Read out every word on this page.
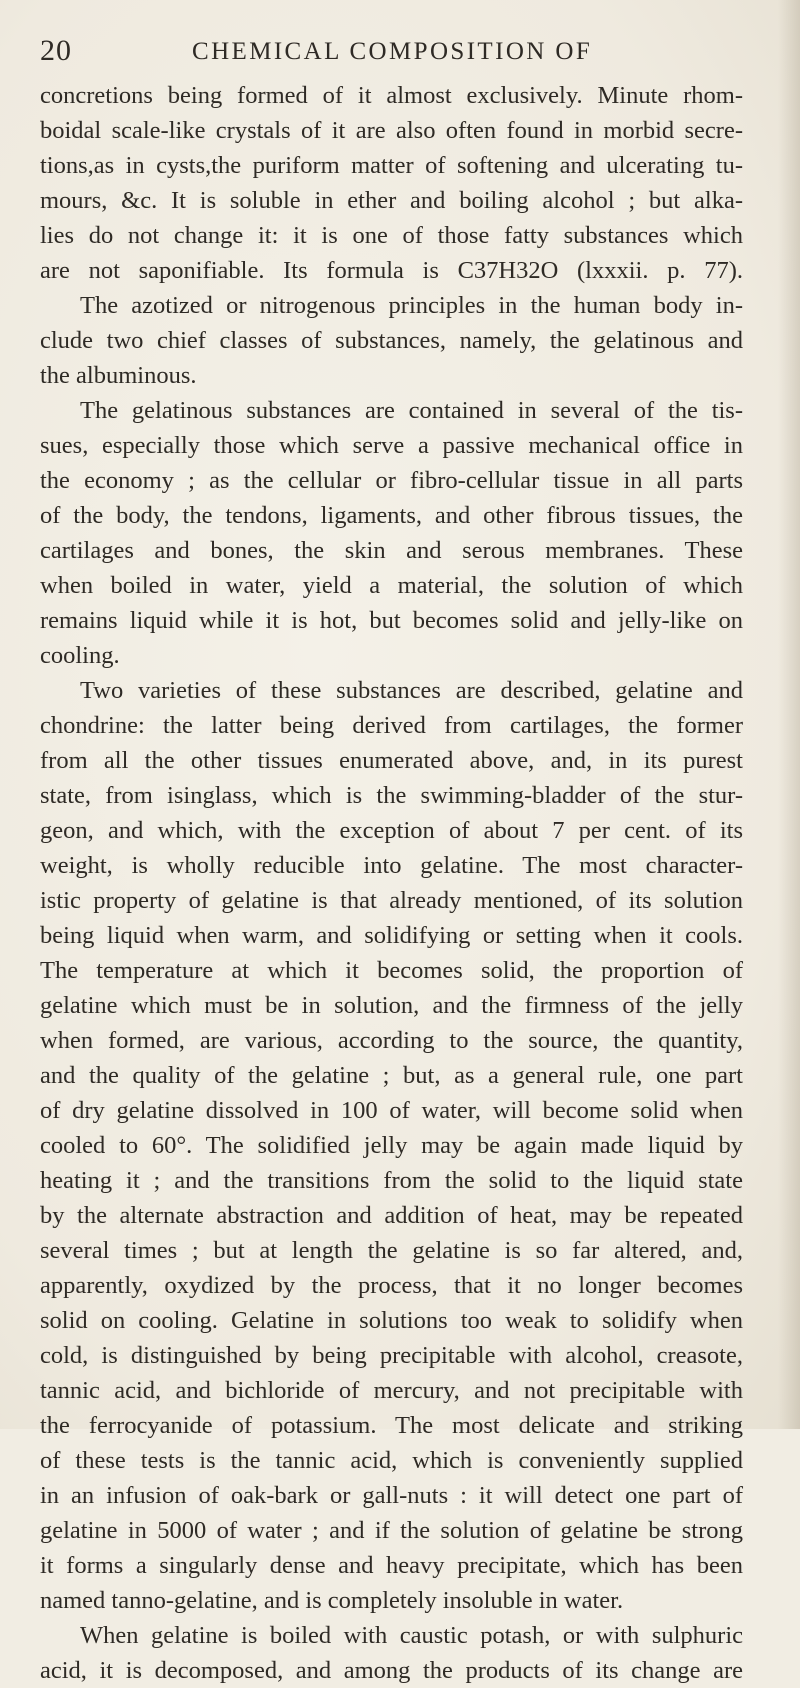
20	CHEMICAL COMPOSITION OF
concretions being formed of it almost exclusively. Minute rhom-
boidal scale-like crystals of it are also often found in morbid secre-
tions,as in cysts,the puriform matter of softening and ulcerating tu-
mours, &c. It is soluble in ether and boiling alcohol ; but alka-
lies do not change it: it is one of those fatty substances which
are not saponifiable. Its formula is C37H32O (lxxxii. p. 77).
The azotized or nitrogenous principles in the human body in-
clude two chief classes of substances, namely, the gelatinous and
the albuminous.
The gelatinous substances are contained in several of the tis-
sues, especially those which serve a passive mechanical office in
the economy ; as the cellular or fibro-cellular tissue in all parts
of the body, the tendons, ligaments, and other fibrous tissues, the
cartilages and bones, the skin and serous membranes. These
when boiled in water, yield a material, the solution of which
remains liquid while it is hot, but becomes solid and jelly-like on
cooling.
Two varieties of these substances are described, gelatine and
chondrine: the latter being derived from cartilages, the former
from all the other tissues enumerated above, and, in its purest
state, from isinglass, which is the swimming-bladder of the stur-
geon, and which, with the exception of about 7 per cent. of its
weight, is wholly reducible into gelatine. The most character-
istic property of gelatine is that already mentioned, of its solution
being liquid when warm, and solidifying or setting when it cools.
The temperature at which it becomes solid, the proportion of
gelatine which must be in solution, and the firmness of the jelly
when formed, are various, according to the source, the quantity,
and the quality of the gelatine ; but, as a general rule, one part
of dry gelatine dissolved in 100 of water, will become solid when
cooled to 60°. The solidified jelly may be again made liquid by
heating it ; and the transitions from the solid to the liquid state
by the alternate abstraction and addition of heat, may be repeated
several times ; but at length the gelatine is so far altered, and,
apparently, oxydized by the process, that it no longer becomes
solid on cooling. Gelatine in solutions too weak to solidify when
cold, is distinguished by being precipitable with alcohol, creasote,
tannic acid, and bichloride of mercury, and not precipitable with
the ferrocyanide of potassium. The most delicate and striking
of these tests is the tannic acid, which is conveniently supplied
in an infusion of oak-bark or gall-nuts : it will detect one part of
gelatine in 5000 of water ; and if the solution of gelatine be strong
it forms a singularly dense and heavy precipitate, which has been
named tanno-gelatine, and is completely insoluble in water.
When gelatine is boiled with caustic potash, or with sulphuric
acid, it is decomposed, and among the products of its change are
